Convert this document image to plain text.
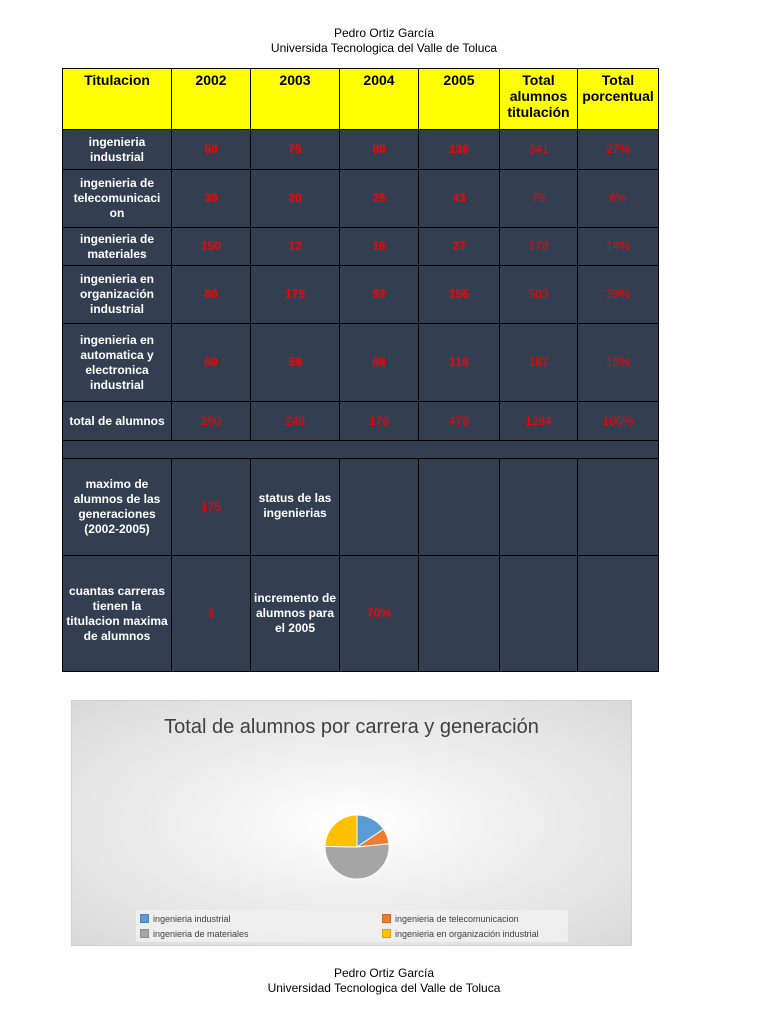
Pedro Ortiz García
Universida Tecnologica del Valle de Toluca
Titulacion	2002	2003	2004	2005	Total alumnos titulación	Total porcentual
ingenieria industrial	50	75	80	136	341	27%
ingenieria de telecomunicaci on	30	20	25	43	75	6%
ingenieria de materiales	150	12	16	27	178	14%
ingenieria en organización industrial	80	175	92	156	503	39%
ingenieria en automatica y electronica industrial	60	59	68	116	187	15%
total de alumnos	290	246	176	478	1284	100%

maximo de alumnos de las generaciones (2002-2005)	175	status de las ingenierias				
cuantas carreras tienen la titulacion maxima de alumnos	3	incremento de alumnos para el 2005	70%			
Total de alumnos por carrera y generación
ingenieria industrial	ingenieria de telecomunicacion
ingenieria de materiales	ingenieria en organización industrial
Pedro Ortiz García
Universidad Tecnologica del Valle de Toluca
